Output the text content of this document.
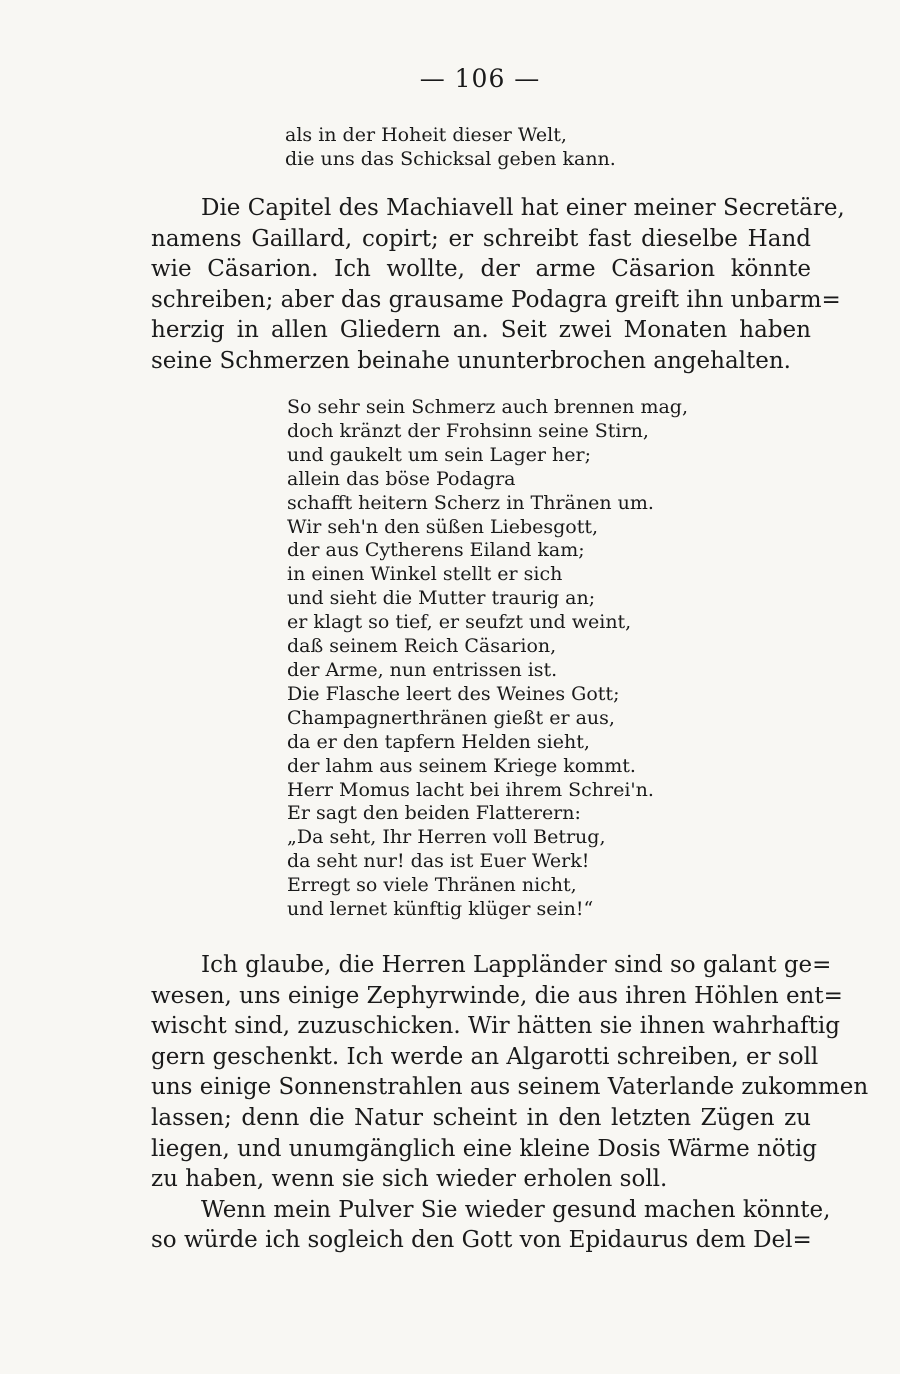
— 106 —
als in der Hoheit dieser Welt,
die uns das Schicksal geben kann.
Die Capitel des Machiavell hat einer meiner Secretäre,
namens Gaillard, copirt; er schreibt fast dieselbe Hand
wie Cäsarion. Ich wollte, der arme Cäsarion könnte
schreiben; aber das grausame Podagra greift ihn unbarm=
herzig in allen Gliedern an. Seit zwei Monaten haben
seine Schmerzen beinahe ununterbrochen angehalten.
So sehr sein Schmerz auch brennen mag,
doch kränzt der Frohsinn seine Stirn,
und gaukelt um sein Lager her;
allein das böse Podagra
schafft heitern Scherz in Thränen um.
Wir seh'n den süßen Liebesgott,
der aus Cytherens Eiland kam;
in einen Winkel stellt er sich
und sieht die Mutter traurig an;
er klagt so tief, er seufzt und weint,
daß seinem Reich Cäsarion,
der Arme, nun entrissen ist.
Die Flasche leert des Weines Gott;
Champagnerthränen gießt er aus,
da er den tapfern Helden sieht,
der lahm aus seinem Kriege kommt.
Herr Momus lacht bei ihrem Schrei'n.
Er sagt den beiden Flatterern:
„Da seht, Ihr Herren voll Betrug,
da seht nur! das ist Euer Werk!
Erregt so viele Thränen nicht,
und lernet künftig klüger sein!“
Ich glaube, die Herren Lappländer sind so galant ge=
wesen, uns einige Zephyrwinde, die aus ihren Höhlen ent=
wischt sind, zuzuschicken. Wir hätten sie ihnen wahrhaftig
gern geschenkt. Ich werde an Algarotti schreiben, er soll
uns einige Sonnenstrahlen aus seinem Vaterlande zukommen
lassen; denn die Natur scheint in den letzten Zügen zu
liegen, und unumgänglich eine kleine Dosis Wärme nötig
zu haben, wenn sie sich wieder erholen soll.
Wenn mein Pulver Sie wieder gesund machen könnte,
so würde ich sogleich den Gott von Epidaurus dem Del=
